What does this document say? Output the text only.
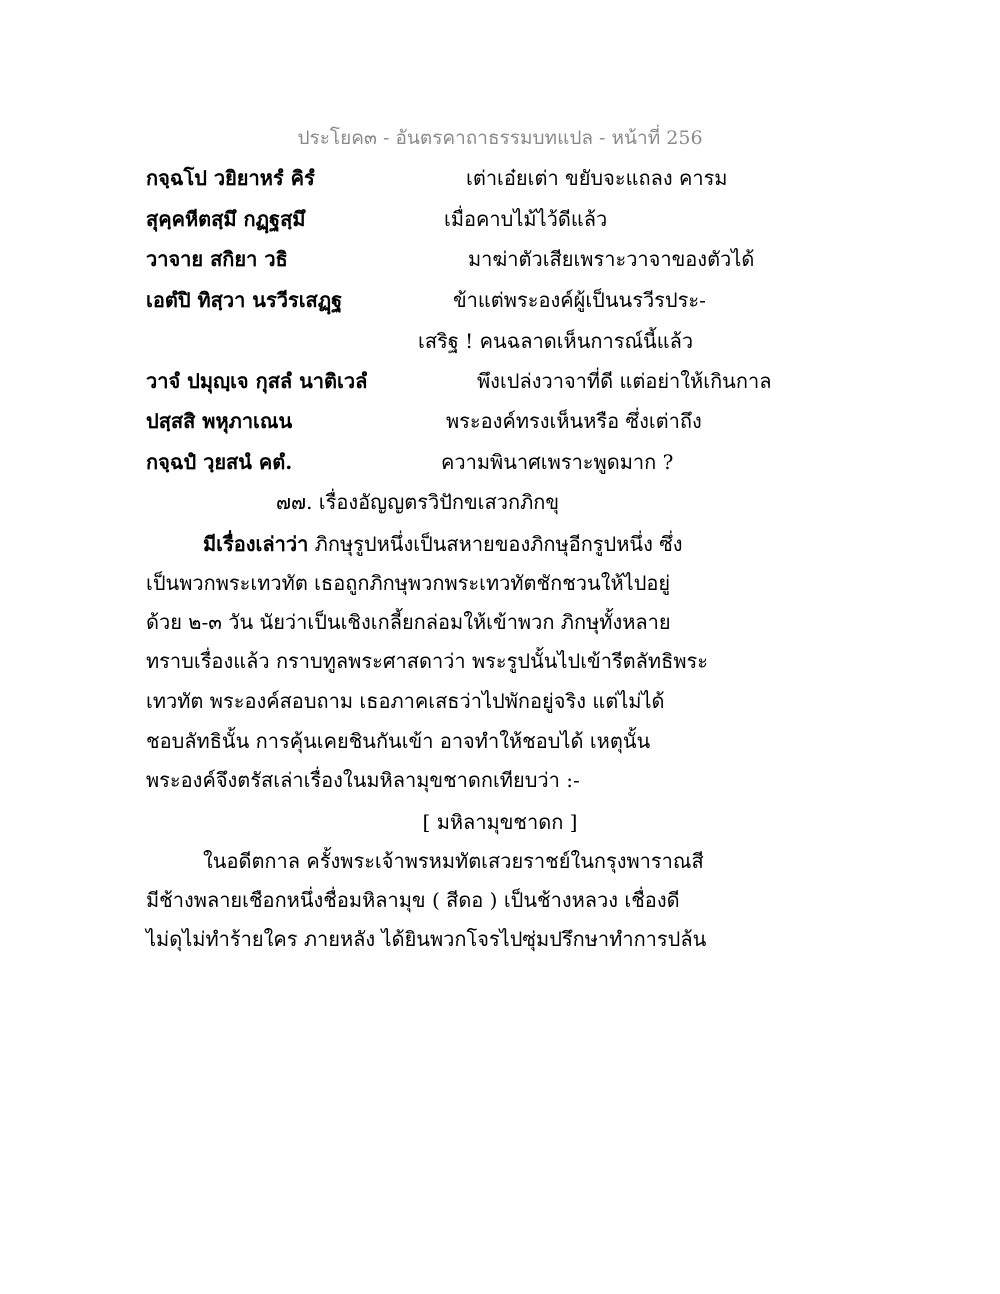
ประโยค๓ - อันตรคาถาธรรมบทแปล - หน้าที่ 256
กจฺฉโป วยิยาหรํ คิรํ	เต่าเอ๋ยเต่า ขยับจะแถลง คารม
สุคฺคหีตสฺมึ กฏฺฐสฺมึ	เมื่อคาบไม้ไว้ดีแล้ว
วาจาย สกิยา วธิ	มาฆ่าตัวเสียเพราะวาจาของตัวได้
เอตํปิ ทิสฺวา นรวีรเสฏฺฐ	ข้าแต่พระองค์ผู้เป็นนรวีรประ-
เสริฐ ! คนฉลาดเห็นการณ์นี้แล้ว
วาจํ ปมุญฺเจ กุสลํ นาติเวลํ	พึงเปล่งวาจาที่ดี แต่อย่าให้เกินกาล
ปสฺสสิ พหุภาเณน	พระองค์ทรงเห็นหรือ ซึ่งเต่าถึง
กจฺฉปํ วฺยสนํ คตํ.	ความพินาศเพราะพูดมาก ?
๗๗. เรื่องอัญญตรวิปักขเสวกภิกขุ
มีเรื่องเล่าว่า ภิกษุรูปหนึ่งเป็นสหายของภิกษุอีกรูปหนึ่ง ซึ่ง
เป็นพวกพระเทวทัต เธอถูกภิกษุพวกพระเทวทัตชักชวนให้ไปอยู่
ด้วย ๒-๓ วัน นัยว่าเป็นเชิงเกลี้ยกล่อมให้เข้าพวก ภิกษุทั้งหลาย
ทราบเรื่องแล้ว กราบทูลพระศาสดาว่า พระรูปนั้นไปเข้ารีตลัทธิพระ
เทวทัต พระองค์สอบถาม เธอภาคเสธว่าไปพักอยู่จริง แต่ไม่ได้
ชอบลัทธินั้น การคุ้นเคยชินกันเข้า อาจทำให้ชอบได้ เหตุนั้น
พระองค์จึงตรัสเล่าเรื่องในมหิลามุขชาดกเทียบว่า :-
[ มหิลามุขชาดก ]
ในอดีตกาล ครั้งพระเจ้าพรหมทัตเสวยราชย์ในกรุงพาราณสี
มีช้างพลายเชือกหนึ่งชื่อมหิลามุข ( สีดอ ) เป็นช้างหลวง เชื่องดี
ไม่ดุไม่ทำร้ายใคร ภายหลัง ได้ยินพวกโจรไปซุ่มปรึกษาทำการปล้น
